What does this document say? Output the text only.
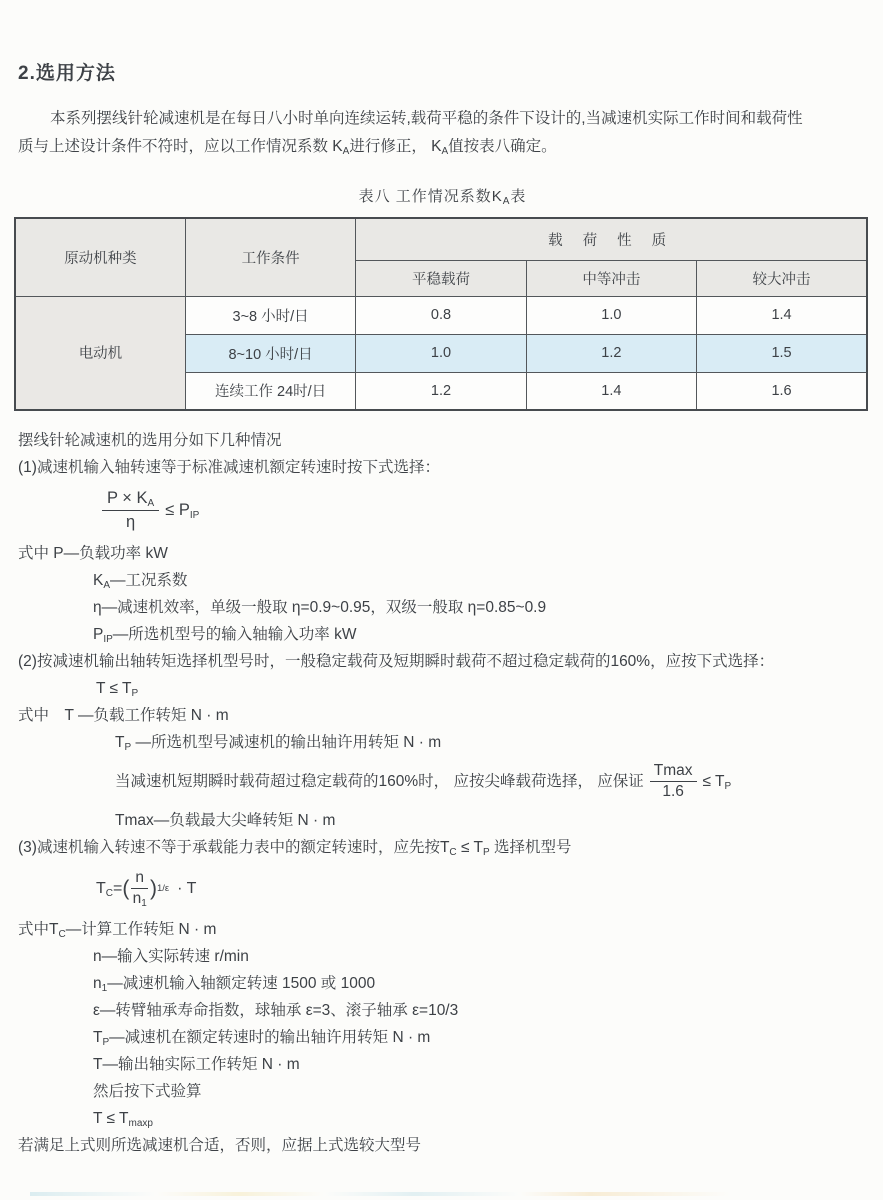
2.选用方法

本系列摆线针轮减速机是在每日八小时单向连续运转,载荷平稳的条件下设计的,当减速机实际工作时间和载荷性
质与上述设计条件不符时，应以工作情况系数 $K_A$进行修正， $K_A$值按表八确定。

表八 工作情况系数$K_A$表
原动机种类	工作条件	载 荷 性 质		
		平稳载荷	中等冲击	较大冲击
电动机	3~8 小时/日	0.8	1.0	1.4
	8~10 小时/日	1.0	1.2	1.5
	连续工作 24时/日	1.2	1.4	1.6
摆线针轮减速机的选用分如下几种情况
(1)减速机输入轴转速等于标准减速机额定转速时按下式选择：
$\frac{P \times K_A}{\eta} \le P_{IP}$
式中 P—负载功率 kW
$K_A—$工况系数
η—减速机效率，单级一般取 η=0.9~0.95，双级一般取 η=0.85~0.9
$P_{IP}—$所选机型号的输入轴输入功率 kW
(2)按减速机输出轴转矩选择机型号时，一般稳定载荷及短期瞬时载荷不超过稳定载荷的160%，应按下式选择：
$T \le T_P$
式中　T —负载工作转矩 N · m
$T_P$ —所选机型号减速机的输出轴许用转矩 N · m
当减速机短期瞬时载荷超过稳定载荷的160%时， 应按尖峰载荷选择， 应保证 $\frac{Tmax}{1.6} \le T_P$
Tmax—负载最大尖峰转矩 N · m
(3)减速机输入转速不等于承载能力表中的额定转速时，应先按$T_C \le T_P$ 选择机型号
$T_C=$ ( $\frac{n}{n_1}$ ) 1/ε · T
式中$T_C—$计算工作转矩 N · m
n—输入实际转速 r/min
$n_1—$减速机输入轴额定转速 1500 或 1000
ε—转臂轴承寿命指数，球轴承 ε=3、滚子轴承 ε=10/3
$T_P—$减速机在额定转速时的输出轴许用转矩 N · m
T—输出轴实际工作转矩 N · m
然后按下式验算
$T \le T_{maxp}$
若满足上式则所选减速机合适，否则，应据上式选较大型号
